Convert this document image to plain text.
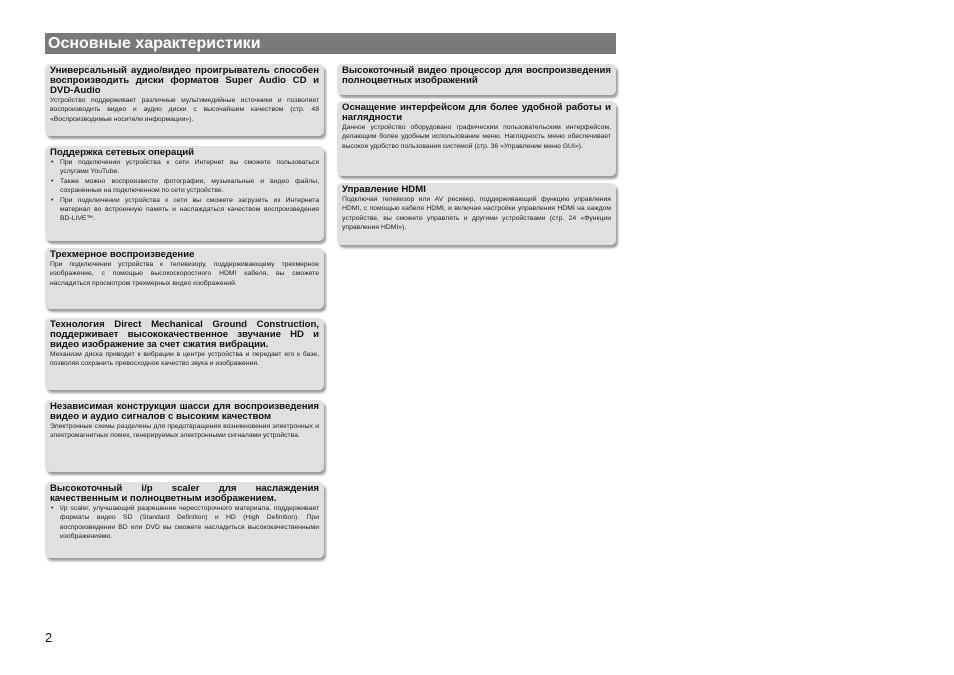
Основные характеристики
Универсальный аудио/видео проигрыватель способен воспроизводить диски форматов Super Audio CD и DVD-Audio

Устройство поддерживает различные мультимедийные источники и позволяет воспроизводить видео и аудио диски с высочайшим качеством (стр. 48 «Воспроизводимые носители информации»).

Поддержка сетевых операций
• При подключении устройства к сети Интернет вы сможете пользоваться услугами YouTube.
• Также можно воспроизвести фотографии, музыкальные и видео файлы, сохраненные на подключенном по сети устройстве.
• При подключении устройства к сети вы сможете загрузить из Интернета материал во встроенную память и наслаждаться качеством воспроизведения BD-LIVE™.
Трехмерное воспроизведение

При подключении устройства к телевизору, поддерживающему трехмерное изображение, с помощью высокоскоростного HDMI кабеля, вы сможете насладиться просмотром трехмерных видео изображений.

Технология Direct Mechanical Ground Construction, поддерживает высококачественное звучание HD и видео изображение за счет сжатия вибрации.

Механизм диска приводит к вибрации в центре устройства и передает его к базе, позволяя сохранить превосходное качество звука и изображения.

Независимая конструкция шасси для воспроизведения видео и аудио сигналов с высоким качеством

Электронные схемы разделены для предотвращения возникновения электронных и электромагнитных помех, генерируемых электронными сигналами устройства.

Высокоточный i/p scaler для наслаждения качественным и полноцветным изображением.
• I/p scaler, улучшающий разрешение черессторочного материала, поддерживает форматы видео SD (Standard Definition) и HD (High Definition). При воспроизведении BD или DVD вы сможете насладиться высококачественными изображениями.
Высокоточный видео процессор для воспроизведения полноцветных изображений
Оснащение интерфейсом для более удобной работы и наглядности

Данное устройство оборудовано графическим пользовательским интерфейсом, делающим более удобным использование меню. Наглядность меню обеспечивает высокое удобство пользования системой (стр. 36 «Управление меню GUI»).

Управление HDMI

Подключая телевизор или AV ресивер, поддерживающий функцию управления HDMI, с помощью кабеля HDMI, и включая настройки управления HDMI на каждом устройстве, вы сможете управлять и другими устройствами (стр. 24 «Функции управления HDMI»).

2
